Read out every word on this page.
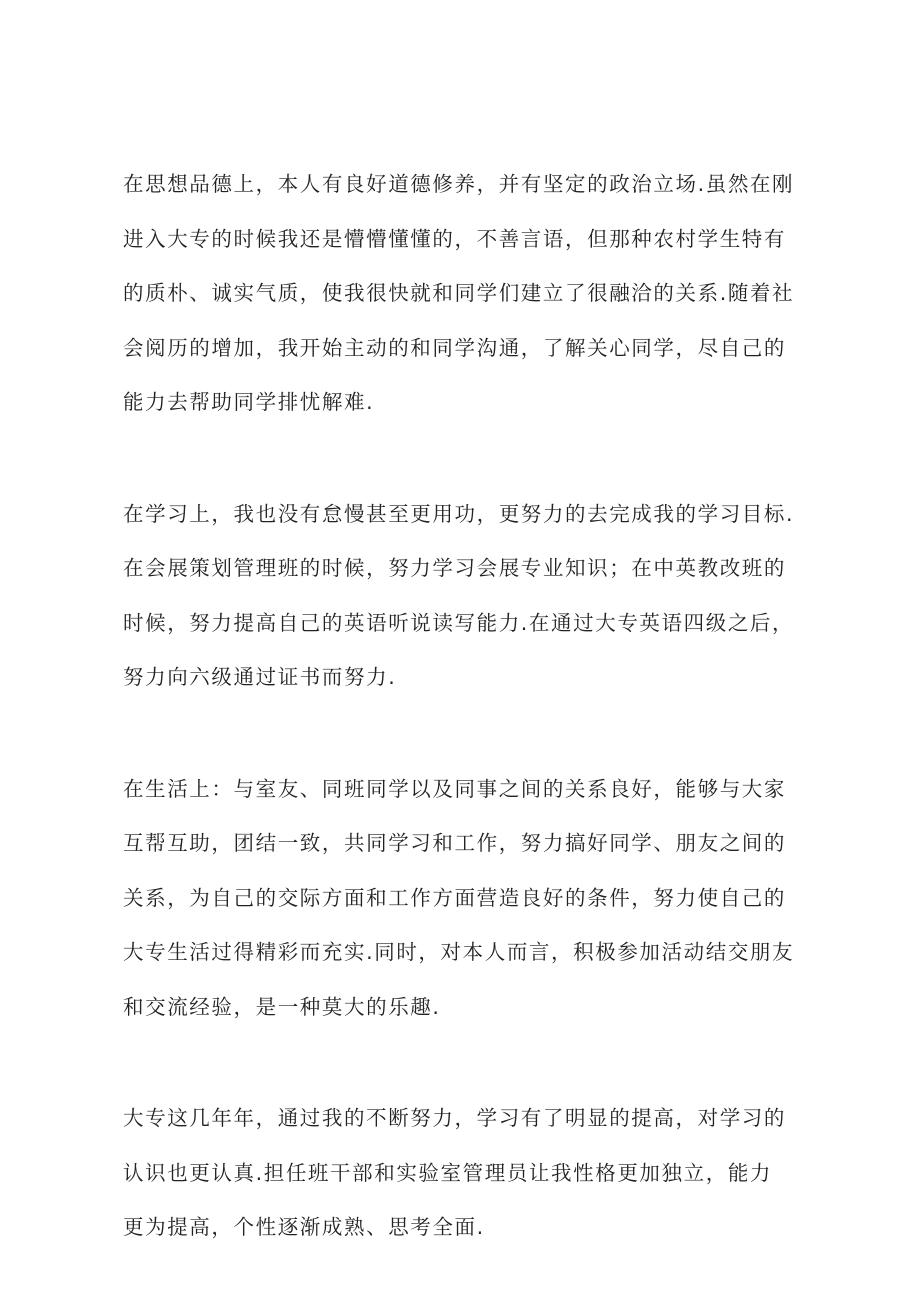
在思想品德上，本人有良好道德修养，并有坚定的政治立场.虽然在刚
进入大专的时候我还是懵懵懂懂的，不善言语，但那种农村学生特有
的质朴、诚实气质，使我很快就和同学们建立了很融洽的关系.随着社
会阅历的增加，我开始主动的和同学沟通，了解关心同学，尽自己的
能力去帮助同学排忧解难.
在学习上，我也没有怠慢甚至更用功，更努力的去完成我的学习目标.
在会展策划管理班的时候，努力学习会展专业知识；在中英教改班的
时候，努力提高自己的英语听说读写能力.在通过大专英语四级之后，
努力向六级通过证书而努力.
在生活上：与室友、同班同学以及同事之间的关系良好，能够与大家
互帮互助，团结一致，共同学习和工作，努力搞好同学、朋友之间的
关系，为自己的交际方面和工作方面营造良好的条件，努力使自己的
大专生活过得精彩而充实.同时，对本人而言，积极参加活动结交朋友
和交流经验，是一种莫大的乐趣.
大专这几年年，通过我的不断努力，学习有了明显的提高，对学习的
认识也更认真.担任班干部和实验室管理员让我性格更加独立，能力
更为提高，个性逐渐成熟、思考全面.
